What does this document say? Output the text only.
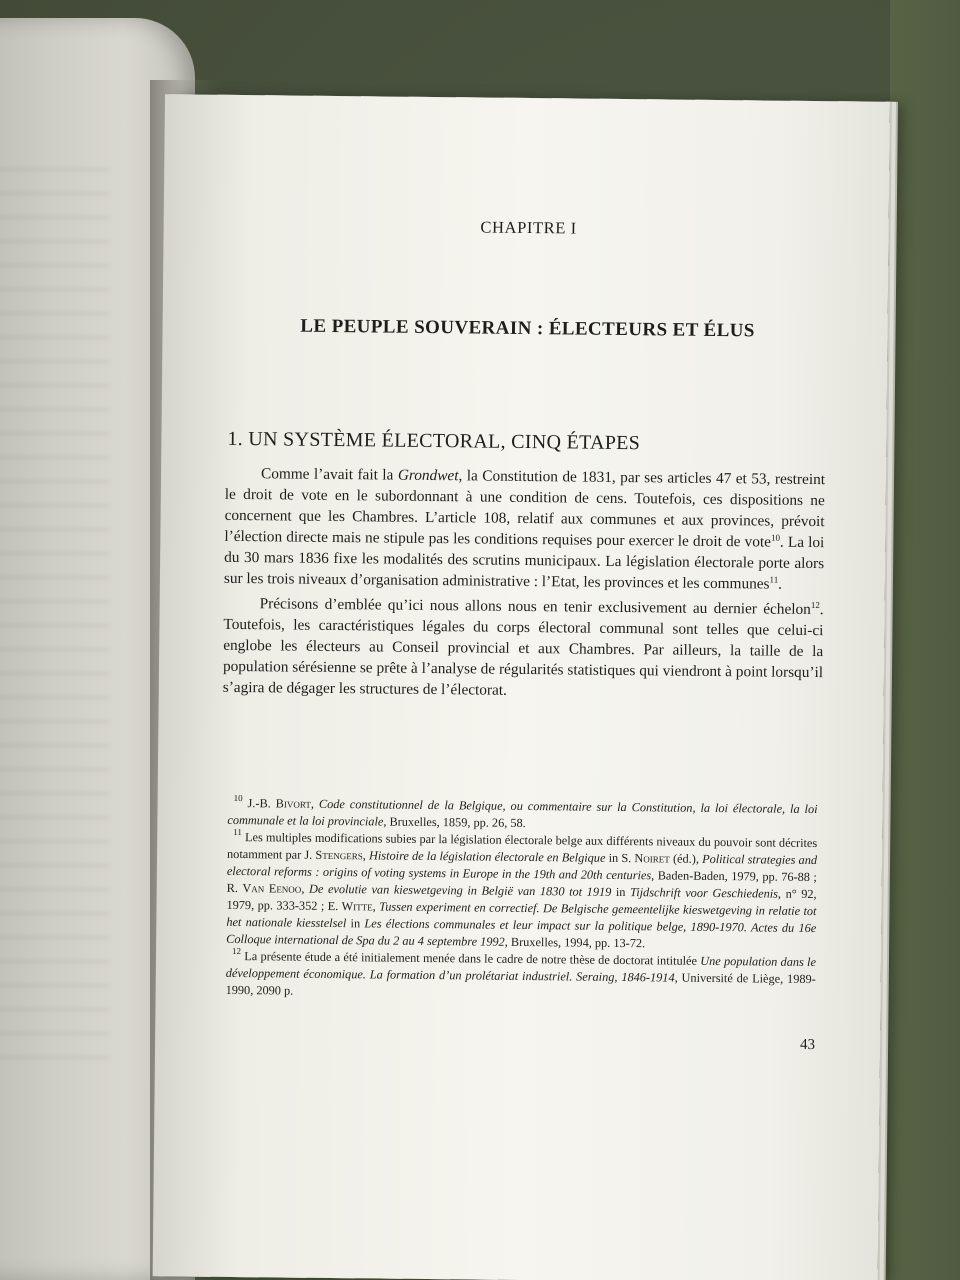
CHAPITRE I
LE PEUPLE SOUVERAIN : ÉLECTEURS ET ÉLUS
1. UN SYSTÈME ÉLECTORAL, CINQ ÉTAPES

Comme l’avait fait la Grondwet, la Constitution de 1831, par ses articles 47 et 53, restreint le droit de vote en le subordonnant à une condition de cens. Toutefois, ces dispositions ne concernent que les Chambres. L’article 108, relatif aux communes et aux provinces, prévoit l’élection directe mais ne stipule pas les conditions requises pour exercer le droit de vote$^{10}$. La loi du 30 mars 1836 fixe les modalités des scrutins municipaux. La législation électorale porte alors sur les trois niveaux d’organisation administrative : l’Etat, les provinces et les communes$^{11}$.

Précisons d’emblée qu’ici nous allons nous en tenir exclusivement au dernier échelon$^{12}$. Toutefois, les caractéristiques légales du corps électoral communal sont telles que celui-ci englobe les électeurs au Conseil provincial et aux Chambres. Par ailleurs, la taille de la population sérésienne se prête à l’analyse de régularités statistiques qui viendront à point lorsqu’il s’agira de dégager les structures de l’électorat.

$^{10}$ J.-B. Bivort, Code constitutionnel de la Belgique, ou commentaire sur la Constitution, la loi électorale, la loi communale et la loi provinciale, Bruxelles, 1859, pp. 26, 58.

$^{11}$ Les multiples modifications subies par la législation électorale belge aux différents niveaux du pouvoir sont décrites notamment par J. Stengers, Histoire de la législation électorale en Belgique in S. Noiret (éd.), Political strategies and electoral reforms : origins of voting systems in Europe in the 19th and 20th centuries, Baden-Baden, 1979, pp. 76-88 ; R. Van Eenoo, De evolutie van kieswetgeving in België van 1830 tot 1919 in Tijdschrift voor Geschiedenis, n° 92, 1979, pp. 333-352 ; E. Witte, Tussen experiment en correctief. De Belgische gemeentelijke kieswetgeving in relatie tot het nationale kiesstelsel in Les élections communales et leur impact sur la politique belge, 1890-1970. Actes du 16e Colloque international de Spa du 2 au 4 septembre 1992, Bruxelles, 1994, pp. 13-72.

$^{12}$ La présente étude a été initialement menée dans le cadre de notre thèse de doctorat intitulée Une population dans le développement économique. La formation d’un prolétariat industriel. Seraing, 1846-1914, Université de Liège, 1989-1990, 2090 p.

43
